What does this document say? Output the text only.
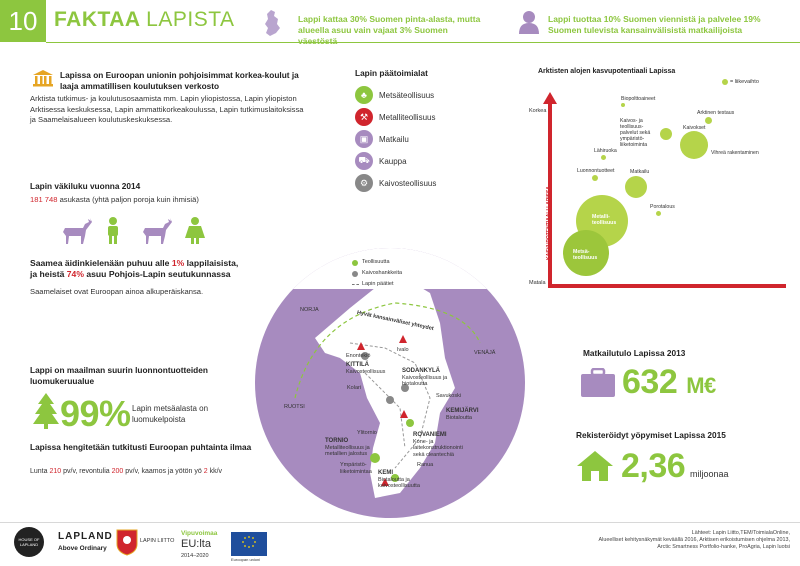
10 FAKTAA LAPISTA	Lappi kattaa 30% Suomen pinta-alasta, mutta alueella asuu vain vajaat 3% Suomen väestöstä
Lappi tuottaa 10% Suomen viennistä ja palvelee 19% Suomen tulevista kansainvälisistä matkailijoista
Lapissa on Euroopan unionin pohjoisimmat korkea-koulut ja laaja ammatillisen koulutuksen verkosto
Arktista tutkimus- ja koulutusosaamista mm. Lapin yliopistossa, Lapin yliopiston Arktisessa keskuksessa, Lapin ammattikorkeakoulussa, Lapin tutkimuslaitoksissa ja Saamelaisalueen koulutuskeskuksessa.
Lapin väkiluku vuonna 2014
181 748 asukasta (yhtä paljon poroja kuin ihmisiä)
Saamea äidinkielenään puhuu alle 1% lappilaisista,
ja heistä 74% asuu Pohjois-Lapin seutukunnassa
Saamelaiset ovat Euroopan ainoa alkuperäiskansa.
Lappi on maailman suurin luonnontuotteiden luomukeruualue
99% Lapin metsäalasta on luomukelpoista
Lapissa hengitetään tutkitusti Euroopan puhtainta ilmaa
Lunta 210 pv/v, revontulia 200 pv/v, kaamos ja yötön yö 2 kk/v
Lapin päätoimialat
♣	Metsäteollisuus
⚒	Metalliteollisuus
▣	Matkailu
⛟	Kauppa
⚙	Kaivosteollisuus
Arktisten alojen kasvupotentiaali Lapissa
= liikevaihto
Korkea
Matala
KASVUPOTENTIAALI LAPISSA
Biopolttoaineet
Arktinen testaus
Kaivos- ja teollisuus-palvelut sekä ympäristö-liiketoiminta
Kaivokset
Lähiruoka	Vihreä rakentaminen
Luonnontuotteet	Matkailu
Porotalous
Metalli-teollisuus
Metsä-teollisuus
Teollisuutta
Kaivoshankkeita
Lapin päätiet
Hyvät kansainväliset yhteydet
NORJA
VENÄJÄ
RUOTSI
Enontekiö
Ivalo
KITTILÄ
Kaivosteollisuus	SODANKYLÄ
Kaivosteollisuus ja biotaloutta
Kolari
Savukoski
KEMIJÄRVI
Biotaloutta
Ylitornio	ROVANIEMI
Kone- ja laitekonstruktionointi sekä cleantechiä
TORNIO
Metalliteollisuus ja metallien jalostus
Ranua
Ympäristö-liiketoimintaa	KEMI
Biotaloutta ja kaivosteollisuutta
Matkailutulo Lapissa 2013
632 M€
Rekisteröidyt yöpymiset Lapissa 2015
2,36 miljoonaa
HOUSE OF LAPLAND
LAPLAND
Above Ordinary
LAPIN LIITTO
Vipuvoimaa
EU:lta
2014–2020
Euroopan unioni
Lähteet: Lapin Liitto,TEM/ToimialaOnline,
Alueelliset kehitysnäkymät keväällä 2016, Arktisen erikoistumisen ohjelma 2013,
Arctic Smartness Portfolio-hanke, ProAgria, Lapin luotsi
